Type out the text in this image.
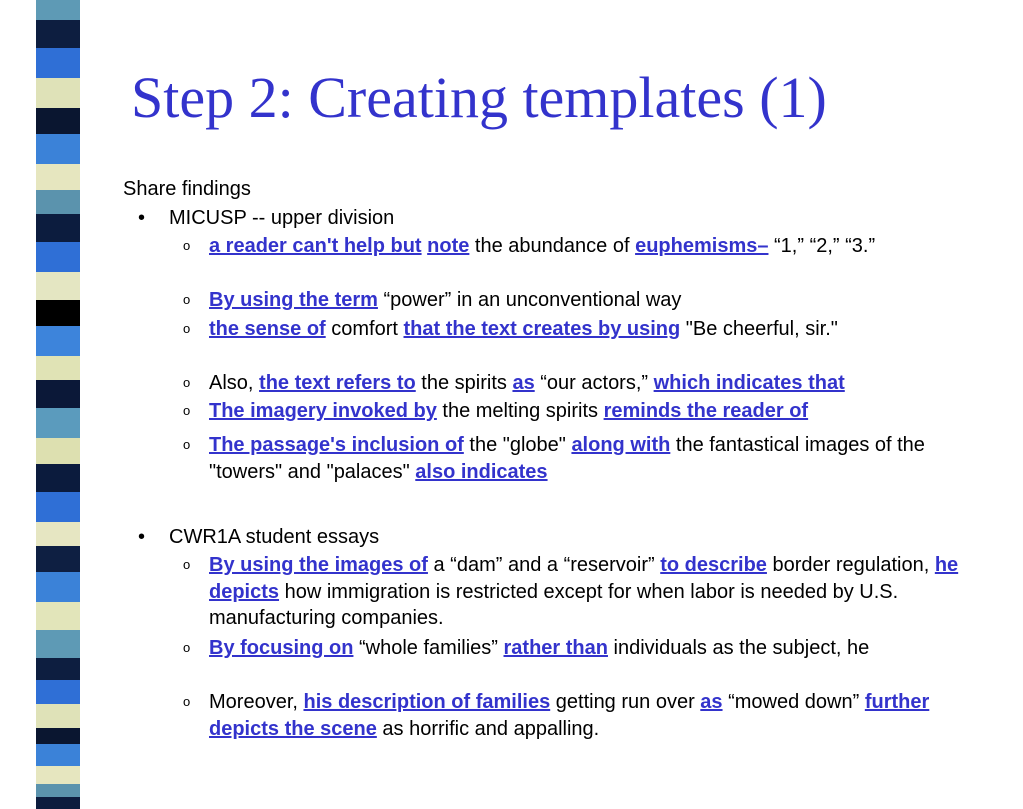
Step 2: Creating templates (1)
Share findings
• MICUSP -- upper division
o a reader can't help but note the abundance of euphemisms– “1,” “2,” “3.”
o By using the term “power” in an unconventional way
o the sense of comfort that the text creates by using "Be cheerful, sir."
o Also, the text refers to the spirits as “our actors,” which indicates that
o The imagery invoked by the melting spirits reminds the reader of
o The passage's inclusion of the "globe" along with the fantastical images of the "towers" and "palaces" also indicates
• CWR1A student essays
o By using the images of a “dam” and a “reservoir” to describe border regulation, he depicts how immigration is restricted except for when labor is needed by U.S. manufacturing companies.
o By focusing on “whole families” rather than individuals as the subject, he
o Moreover, his description of families getting run over as “mowed down” further depicts the scene as horrific and appalling.
